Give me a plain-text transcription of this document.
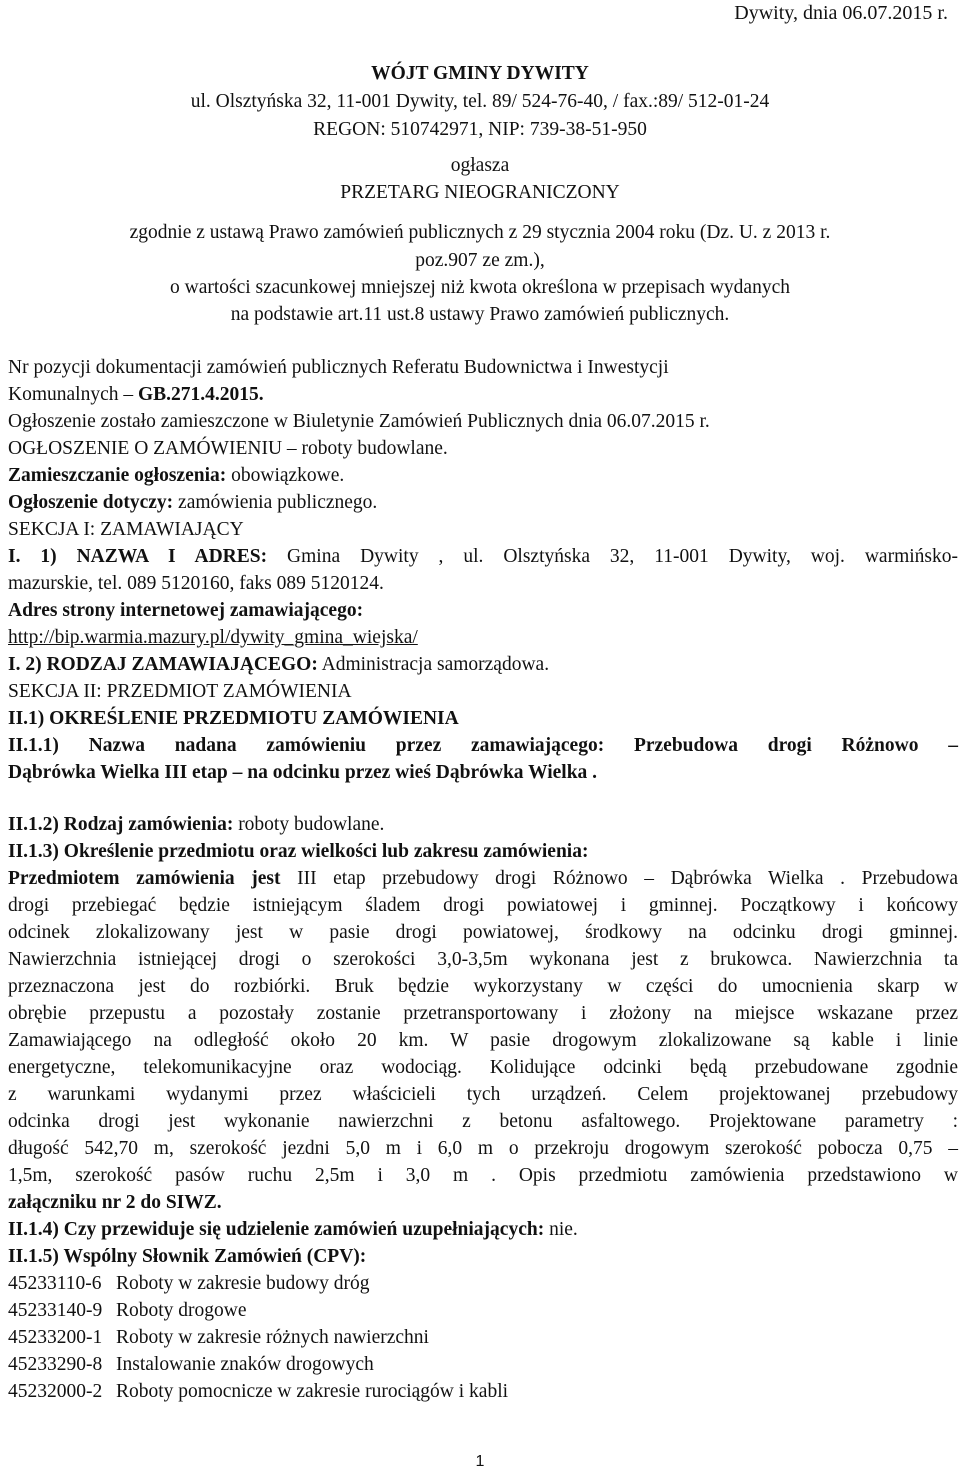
Dywity, dnia 06.07.2015 r.
WÓJT GMINY DYWITY
ul. Olsztyńska 32, 11-001 Dywity, tel. 89/ 524-76-40, / fax.:89/ 512-01-24
REGON: 510742971, NIP: 739-38-51-950
ogłasza
PRZETARG NIEOGRANICZONY
zgodnie z ustawą Prawo zamówień publicznych z 29 stycznia 2004 roku (Dz. U. z 2013 r.
poz.907 ze zm.),
o wartości szacunkowej mniejszej niż kwota określona w przepisach wydanych
na podstawie art.11 ust.8 ustawy Prawo zamówień publicznych.
Nr pozycji dokumentacji zamówień publicznych Referatu Budownictwa i Inwestycji
Komunalnych – GB.271.4.2015.
Ogłoszenie zostało zamieszczone w Biuletynie Zamówień Publicznych dnia 06.07.2015 r.
OGŁOSZENIE O ZAMÓWIENIU – roboty budowlane.
Zamieszczanie ogłoszenia: obowiązkowe.
Ogłoszenie dotyczy: zamówienia publicznego.
SEKCJA I: ZAMAWIAJĄCY
I. 1) NAZWA I ADRES: Gmina Dywity , ul. Olsztyńska 32, 11-001 Dywity, woj. warmińsko-
mazurskie, tel. 089 5120160, faks 089 5120124.
Adres strony internetowej zamawiającego:
http://bip.warmia.mazury.pl/dywity_gmina_wiejska/
I. 2) RODZAJ ZAMAWIAJĄCEGO: Administracja samorządowa.
SEKCJA II: PRZEDMIOT ZAMÓWIENIA
II.1) OKREŚLENIE PRZEDMIOTU ZAMÓWIENIA
II.1.1) Nazwa nadana zamówieniu przez zamawiającego: Przebudowa drogi Różnowo –
Dąbrówka Wielka III etap – na odcinku przez wieś Dąbrówka Wielka .
II.1.2) Rodzaj zamówienia: roboty budowlane.
II.1.3) Określenie przedmiotu oraz wielkości lub zakresu zamówienia:
Przedmiotem zamówienia jest III etap przebudowy drogi Różnowo – Dąbrówka Wielka . Przebudowa
drogi przebiegać będzie istniejącym śladem drogi powiatowej i gminnej. Początkowy i końcowy
odcinek zlokalizowany jest w pasie drogi powiatowej, środkowy na odcinku drogi gminnej.
Nawierzchnia istniejącej drogi o szerokości 3,0-3,5m wykonana jest z brukowca. Nawierzchnia ta
przeznaczona jest do rozbiórki. Bruk będzie wykorzystany w części do umocnienia skarp w
obrębie przepustu a pozostały zostanie przetransportowany i złożony na miejsce wskazane przez
Zamawiającego na odległość około 20 km. W pasie drogowym zlokalizowane są kable i linie
energetyczne, telekomunikacyjne oraz wodociąg. Kolidujące odcinki będą przebudowane zgodnie
z warunkami wydanymi przez właścicieli tych urządzeń. Celem projektowanej przebudowy
odcinka drogi jest wykonanie nawierzchni z betonu asfaltowego. Projektowane parametry :
długość 542,70 m, szerokość jezdni 5,0 m i 6,0 m o przekroju drogowym szerokość pobocza 0,75 –
1,5m, szerokość pasów ruchu 2,5m i 3,0 m . Opis przedmiotu zamówienia przedstawiono w
załączniku nr 2 do SIWZ.
II.1.4) Czy przewiduje się udzielenie zamówień uzupełniających: nie.
II.1.5) Wspólny Słownik Zamówień (CPV):
45233110-6 Roboty w zakresie budowy dróg
45233140-9 Roboty drogowe
45233200-1 Roboty w zakresie różnych nawierzchni
45233290-8 Instalowanie znaków drogowych
45232000-2 Roboty pomocnicze w zakresie rurociągów i kabli
1
